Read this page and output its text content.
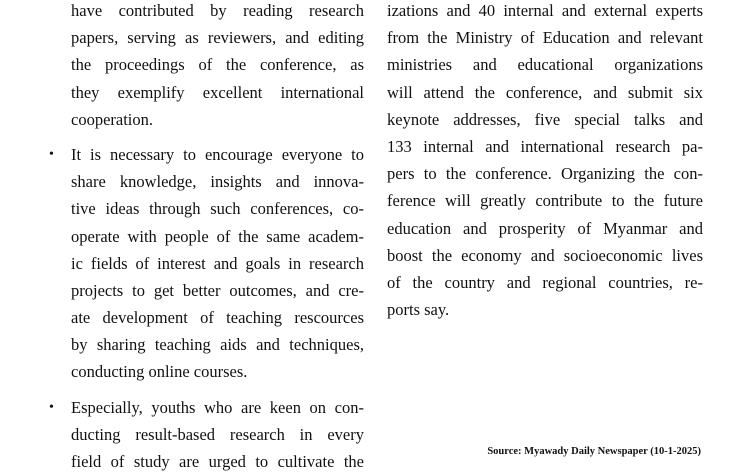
have contributed by reading research
papers, serving as reviewers, and editing
the proceedings of the conference, as
they exemplify excellent international
cooperation.
•	It is necessary to encourage everyone to
share knowledge, insights and innova-
tive ideas through such conferences, co-
operate with people of the same academ-
ic fields of interest and goals in research
projects to get better outcomes, and cre-
ate development of teaching rescources
by sharing teaching aids and techniques,
conducting online courses.
•	Especially, youths who are keen on con-
ducting result-based research in every
field of study are urged to cultivate the
izations and 40 internal and external experts
from the Ministry of Education and relevant
ministries and educational organizations
will attend the conference, and submit six
keynote addresses, five special talks and
133 internal and international research pa-
pers to the conference. Organizing the con-
ference will greatly contribute to the future
education and prosperity of Myanmar and
boost the economy and socioeconomic lives
of the country and regional countries, re-
ports say.
Source: Myawady Daily Newspaper (10-1-2025)
